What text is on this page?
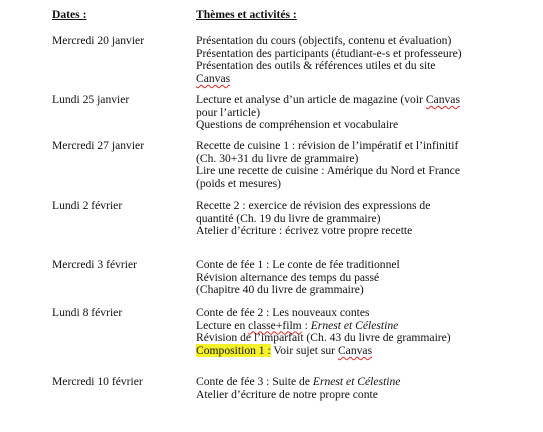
Dates :	Thèmes et activités :
Mercredi 20 janvier	Présentation du cours (objectifs, contenu et évaluation)
Présentation des participants (étudiant-e-s et professeure)
Présentation des outils & références utiles et du site
Canvas
Lundi 25 janvier	Lecture et analyse d’un article de magazine (voir Canvas
pour l’article)
Questions de compréhension et vocabulaire
Mercredi 27 janvier	Recette de cuisine 1 : révision de l’impératif et l’infinitif
(Ch. 30+31 du livre de grammaire)
Lire une recette de cuisine : Amérique du Nord et France
(poids et mesures)
Lundi 2 février	Recette 2 : exercice de révision des expressions de
quantité (Ch. 19 du livre de grammaire)
Atelier d’écriture : écrivez votre propre recette
Mercredi 3 février	Conte de fée 1 : Le conte de fée traditionnel
Révision alternance des temps du passé
(Chapitre 40 du livre de grammaire)
Lundi 8 février	Conte de fée 2 : Les nouveaux contes
Lecture en classe+film : Ernest et Célestine
Révision de l’imparfait (Ch. 43 du livre de grammaire)
Composition 1 : Voir sujet sur Canvas
Mercredi 10 février	Conte de fée 3 : Suite de Ernest et Célestine
Atelier d’écriture de notre propre conte
